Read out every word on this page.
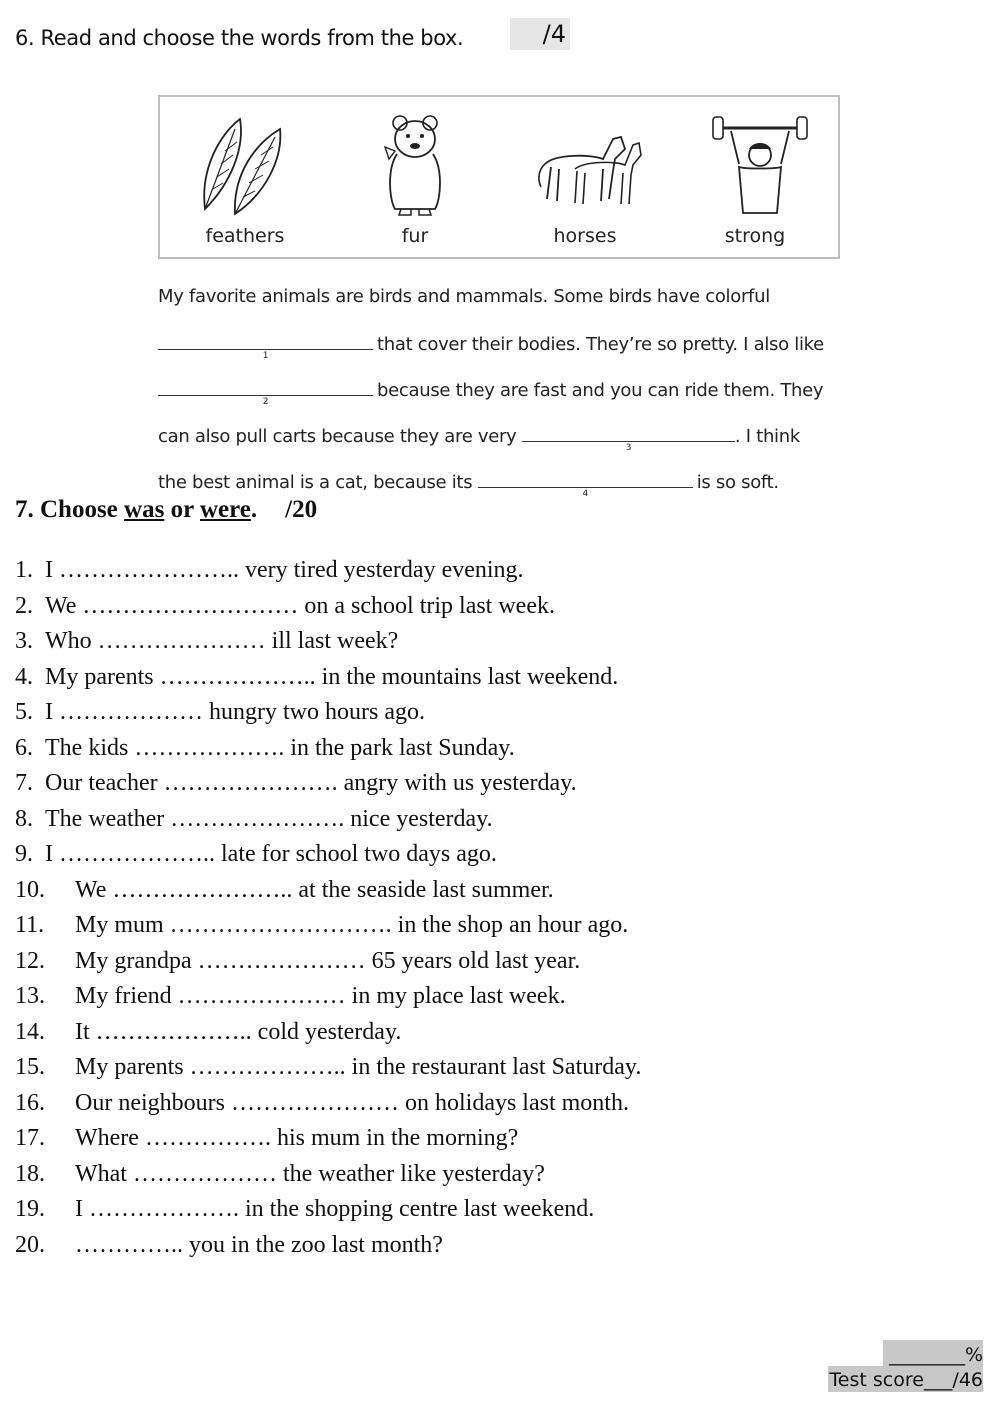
6. Read and choose the words from the box.	/4
feathers	fur	horses	strong
My favorite animals are birds and mammals. Some birds have colorful
1
that cover their bodies. They’re so pretty. I also like
2
because they are fast and you can ride them. They
can also pull carts because they are very
3
. I think
the best animal is a cat, because its
4
is so soft.
7. Choose was or were. /20
1. I ………………….. very tired yesterday evening.
2. We ……………………… on a school trip last week.
3. Who ………………… ill last week?
4. My parents ……………….. in the mountains last weekend.
5. I ……………… hungry two hours ago.
6. The kids ………………. in the park last Sunday.
7. Our teacher …………………. angry with us yesterday.
8. The weather …………………. nice yesterday.
9. I ……………….. late for school two days ago.
10. We ………………….. at the seaside last summer.
11. My mum ………………………. in the shop an hour ago.
12. My grandpa ………………… 65 years old last year.
13. My friend ………………… in my place last week.
14. It ……………….. cold yesterday.
15. My parents ……………….. in the restaurant last Saturday.
16. Our neighbours ………………… on holidays last month.
17. Where ……………. his mum in the morning?
18. What ……………… the weather like yesterday?
19. I ………………. in the shopping centre last weekend.
20. ………….. you in the zoo last month?
________%
Test score___/46
